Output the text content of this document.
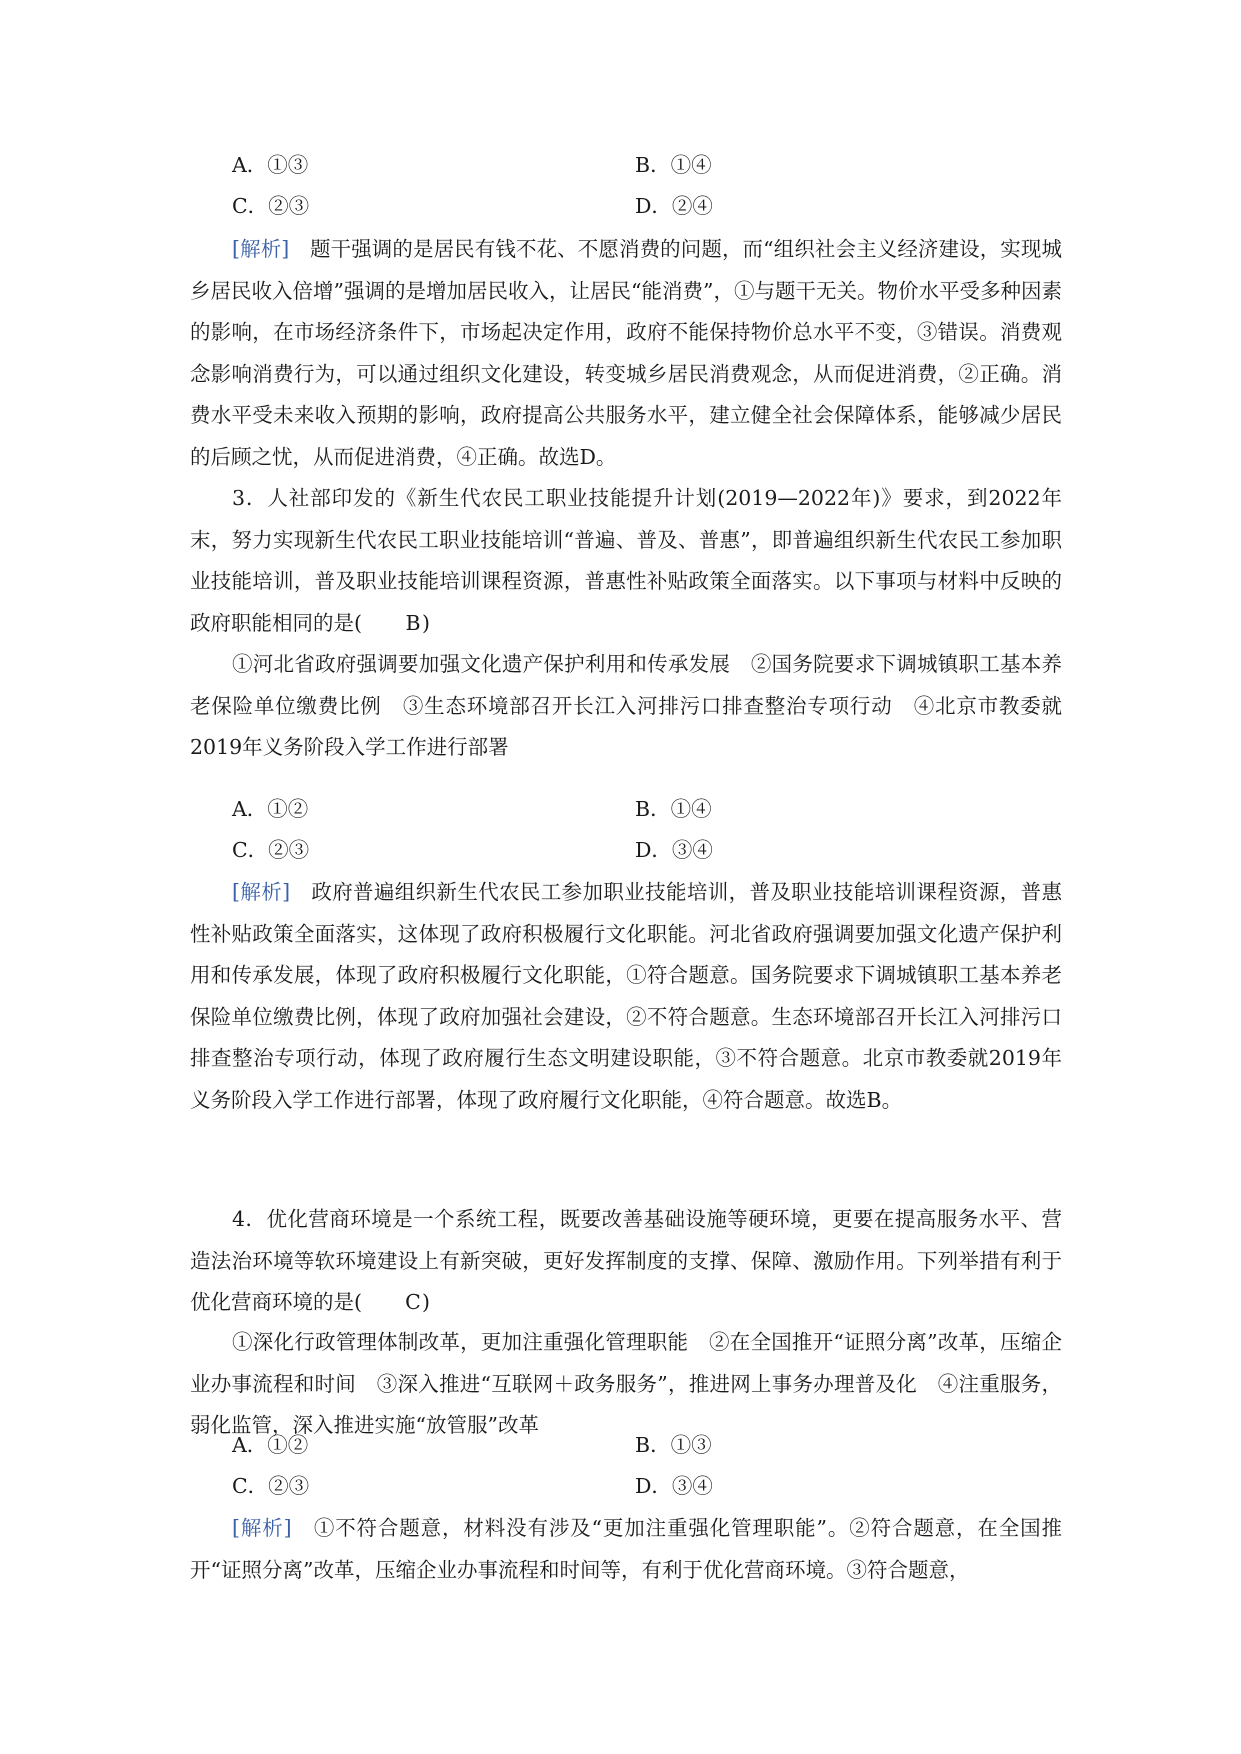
A．①③	B．①④
C．②③	D．②④

[解析]　 题干强调的是居民有钱不花、不愿消费的问题，而“组织社会主义经济建设，实现城乡居民收入倍增”强调的是增加居民收入，让居民“能消费”，①与题干无关。物价水平受多种因素的影响，在市场经济条件下，市场起决定作用，政府不能保持物价总水平不变，③错误。消费观念影响消费行为，可以通过组织文化建设，转变城乡居民消费观念，从而促进消费，②正确。消费水平受未来收入预期的影响，政府提高公共服务水平，建立健全社会保障体系，能够减少居民的后顾之忧，从而促进消费，④正确。故选D。

3．人社部印发的《新生代农民工职业技能提升计划(2019—2022年)》要求，到2022年末，努力实现新生代农民工职业技能培训“普遍、普及、普惠”，即普遍组织新生代农民工参加职业技能培训，普及职业技能培训课程资源，普惠性补贴政策全面落实。以下事项与材料中反映的政府职能相同的是( B)

①河北省政府强调要加强文化遗产保护利用和传承发展　②国务院要求下调城镇职工基本养老保险单位缴费比例　③生态环境部召开长江入河排污口排查整治专项行动　④北京市教委就2019年义务阶段入学工作进行部署

A．①②	B．①④
C．②③	D．③④

[解析]　 政府普遍组织新生代农民工参加职业技能培训，普及职业技能培训课程资源，普惠性补贴政策全面落实，这体现了政府积极履行文化职能。河北省政府强调要加强文化遗产保护利用和传承发展，体现了政府积极履行文化职能，①符合题意。国务院要求下调城镇职工基本养老保险单位缴费比例，体现了政府加强社会建设，②不符合题意。生态环境部召开长江入河排污口排查整治专项行动，体现了政府履行生态文明建设职能，③不符合题意。北京市教委就2019年义务阶段入学工作进行部署，体现了政府履行文化职能，④符合题意。故选B。

4．优化营商环境是一个系统工程，既要改善基础设施等硬环境，更要在提高服务水平、营造法治环境等软环境建设上有新突破，更好发挥制度的支撑、保障、激励作用。下列举措有利于优化营商环境的是( C)

①深化行政管理体制改革，更加注重强化管理职能　②在全国推开“证照分离”改革，压缩企业办事流程和时间　③深入推进“互联网＋政务服务”，推进网上事务办理普及化　④注重服务，弱化监管，深入推进实施“放管服”改革

A．①②	B．①③
C．②③	D．③④

[解析]　 ①不符合题意，材料没有涉及“更加注重强化管理职能”。②符合题意，在全国推开“证照分离”改革，压缩企业办事流程和时间等，有利于优化营商环境。③符合题意，
